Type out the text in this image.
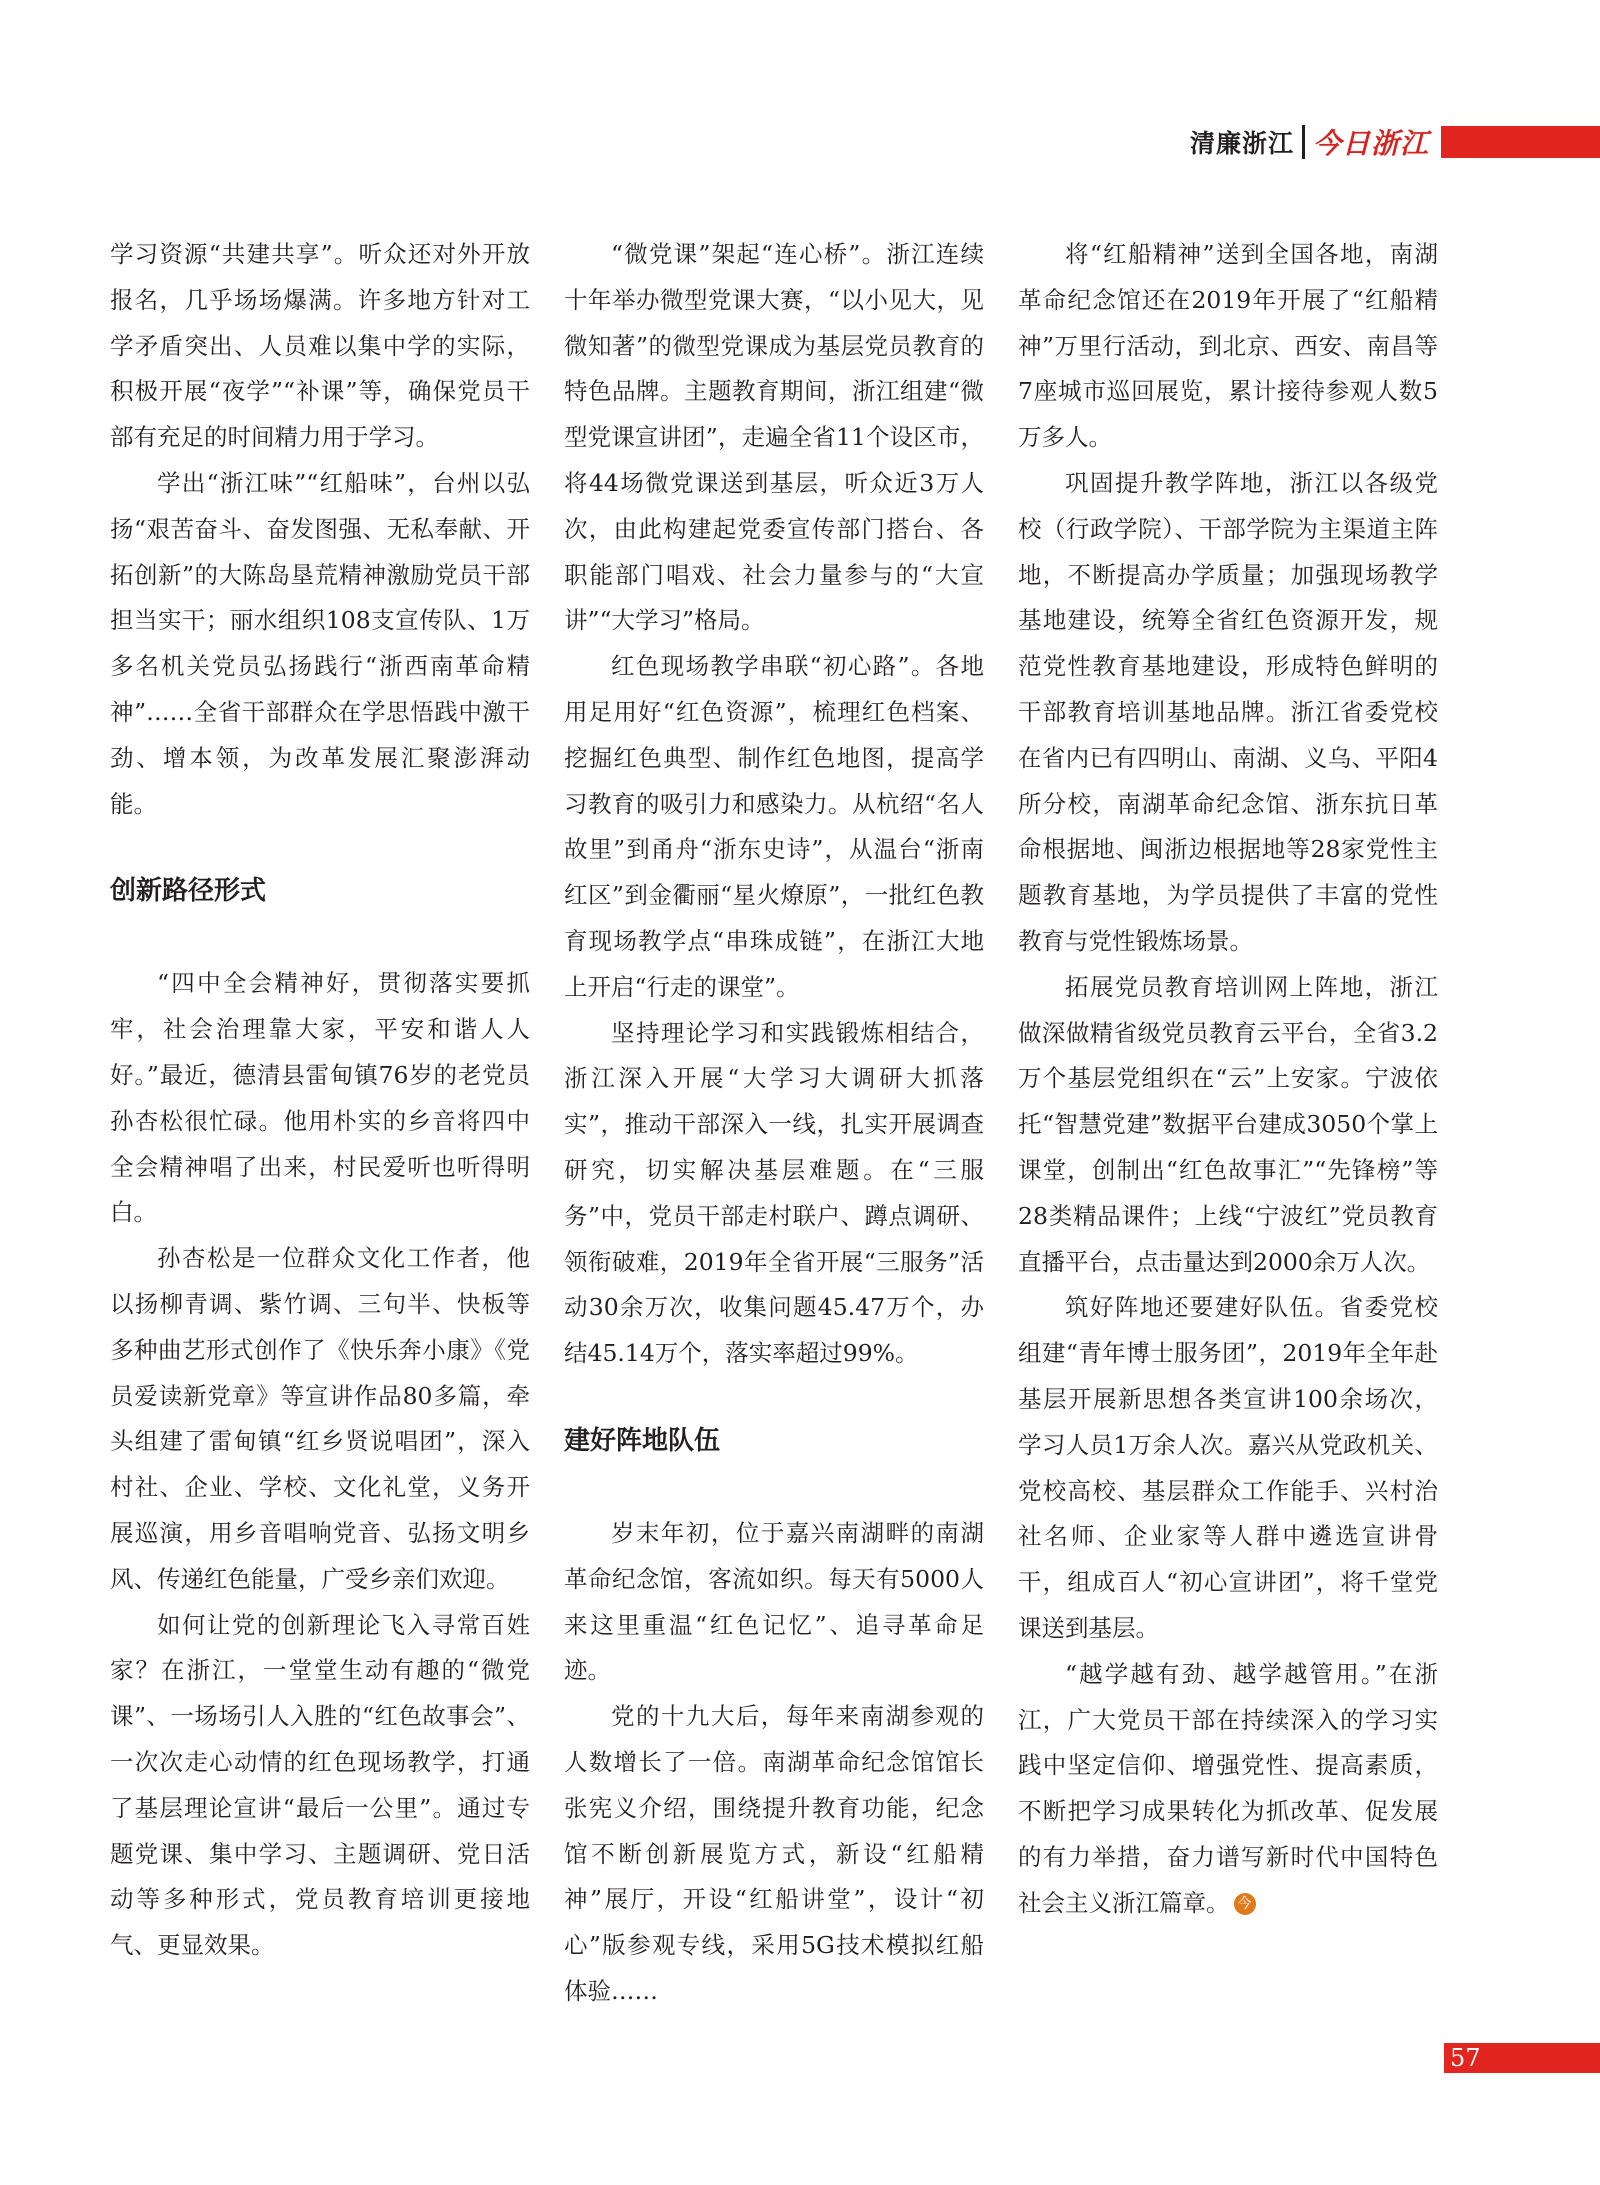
清廉浙江 今日浙江

学习资源“共建共享”。听众还对外开放报名，几乎场场爆满。许多地方针对工学矛盾突出、人员难以集中学的实际，积极开展“夜学”“补课”等，确保党员干部有充足的时间精力用于学习。

学出“浙江味”“红船味”，台州以弘扬“艰苦奋斗、奋发图强、无私奉献、开拓创新”的大陈岛垦荒精神激励党员干部担当实干；丽水组织108支宣传队、1万多名机关党员弘扬践行“浙西南革命精神”……全省干部群众在学思悟践中激干劲、增本领，为改革发展汇聚澎湃动能。

创新路径形式

“四中全会精神好，贯彻落实要抓牢，社会治理靠大家，平安和谐人人好。”最近，德清县雷甸镇76岁的老党员孙杏松很忙碌。他用朴实的乡音将四中全会精神唱了出来，村民爱听也听得明白。

孙杏松是一位群众文化工作者，他以扬柳青调、紫竹调、三句半、快板等多种曲艺形式创作了《快乐奔小康》《党员爱读新党章》等宣讲作品80多篇，牵头组建了雷甸镇“红乡贤说唱团”，深入村社、企业、学校、文化礼堂，义务开展巡演，用乡音唱响党音、弘扬文明乡风、传递红色能量，广受乡亲们欢迎。

如何让党的创新理论飞入寻常百姓家？在浙江，一堂堂生动有趣的“微党课”、一场场引人入胜的“红色故事会”、一次次走心动情的红色现场教学，打通了基层理论宣讲“最后一公里”。通过专题党课、集中学习、主题调研、党日活动等多种形式，党员教育培训更接地气、更显效果。

“微党课”架起“连心桥”。浙江连续十年举办微型党课大赛，“以小见大，见微知著”的微型党课成为基层党员教育的特色品牌。主题教育期间，浙江组建“微型党课宣讲团”，走遍全省11个设区市，将44场微党课送到基层，听众近3万人次，由此构建起党委宣传部门搭台、各职能部门唱戏、社会力量参与的“大宣讲”“大学习”格局。

红色现场教学串联“初心路”。各地用足用好“红色资源”，梳理红色档案、挖掘红色典型、制作红色地图，提高学习教育的吸引力和感染力。从杭绍“名人故里”到甬舟“浙东史诗”，从温台“浙南红区”到金衢丽“星火燎原”，一批红色教育现场教学点“串珠成链”，在浙江大地上开启“行走的课堂”。

坚持理论学习和实践锻炼相结合，浙江深入开展“大学习大调研大抓落实”，推动干部深入一线，扎实开展调查研究，切实解决基层难题。在“三服务”中，党员干部走村联户、蹲点调研、领衔破难，2019年全省开展“三服务”活动30余万次，收集问题45.47万个，办结45.14万个，落实率超过99%。

建好阵地队伍

岁末年初，位于嘉兴南湖畔的南湖革命纪念馆，客流如织。每天有5000人来这里重温“红色记忆”、追寻革命足迹。

党的十九大后，每年来南湖参观的人数增长了一倍。南湖革命纪念馆馆长张宪义介绍，围绕提升教育功能，纪念馆不断创新展览方式，新设“红船精神”展厅，开设“红船讲堂”，设计“初心”版参观专线，采用5G技术模拟红船体验……

将“红船精神”送到全国各地，南湖革命纪念馆还在2019年开展了“红船精神”万里行活动，到北京、西安、南昌等7座城市巡回展览，累计接待参观人数5万多人。

巩固提升教学阵地，浙江以各级党校（行政学院）、干部学院为主渠道主阵地，不断提高办学质量；加强现场教学基地建设，统筹全省红色资源开发，规范党性教育基地建设，形成特色鲜明的干部教育培训基地品牌。浙江省委党校在省内已有四明山、南湖、义乌、平阳4所分校，南湖革命纪念馆、浙东抗日革命根据地、闽浙边根据地等28家党性主题教育基地，为学员提供了丰富的党性教育与党性锻炼场景。

拓展党员教育培训网上阵地，浙江做深做精省级党员教育云平台，全省3.2万个基层党组织在“云”上安家。宁波依托“智慧党建”数据平台建成3050个掌上课堂，创制出“红色故事汇”“先锋榜”等28类精品课件；上线“宁波红”党员教育直播平台，点击量达到2000余万人次。

筑好阵地还要建好队伍。省委党校组建“青年博士服务团”，2019年全年赴基层开展新思想各类宣讲100余场次，学习人员1万余人次。嘉兴从党政机关、党校高校、基层群众工作能手、兴村治社名师、企业家等人群中遴选宣讲骨干，组成百人“初心宣讲团”，将千堂党课送到基层。

“越学越有劲、越学越管用。”在浙江，广大党员干部在持续深入的学习实践中坚定信仰、增强党性、提高素质，不断把学习成果转化为抓改革、促发展的有力举措，奋力谱写新时代中国特色社会主义浙江篇章。 今

57
